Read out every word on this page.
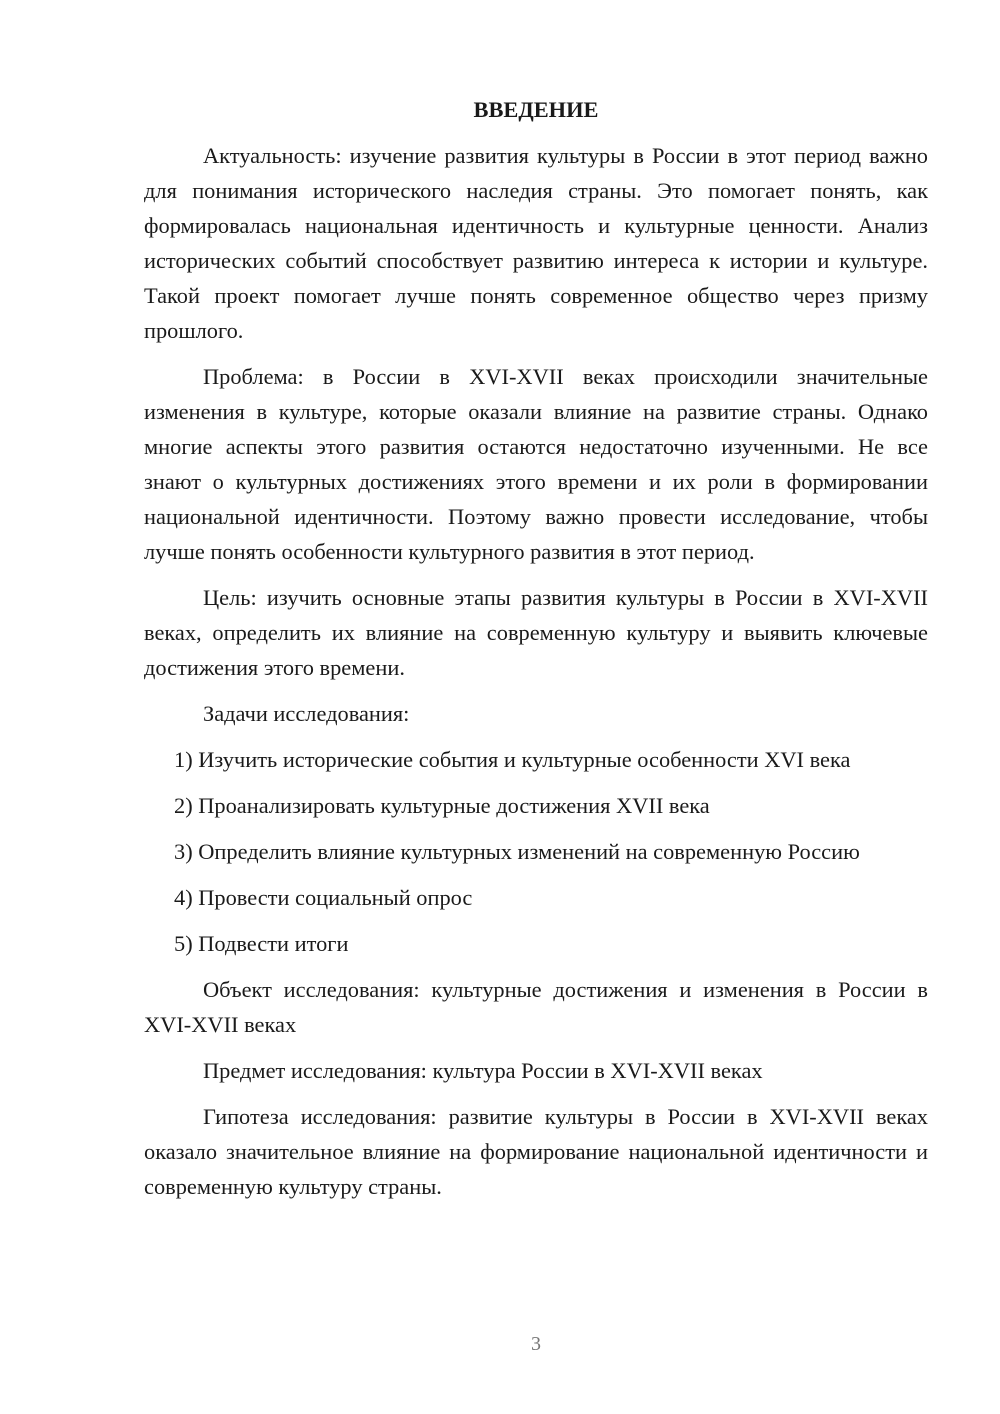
ВВЕДЕНИЕ

Актуальность: изучение развития культуры в России в этот период важно для понимания исторического наследия страны. Это помогает понять, как формировалась национальная идентичность и культурные ценности. Анализ исторических событий способствует развитию интереса к истории и культуре. Такой проект помогает лучше понять современное общество через призму прошлого.

Проблема: в России в XVI-XVII веках происходили значительные изменения в культуре, которые оказали влияние на развитие страны. Однако многие аспекты этого развития остаются недостаточно изученными. Не все знают о культурных достижениях этого времени и их роли в формировании национальной идентичности. Поэтому важно провести исследование, чтобы лучше понять особенности культурного развития в этот период.

Цель: изучить основные этапы развития культуры в России в XVI-XVII веках, определить их влияние на современную культуру и выявить ключевые достижения этого времени.

Задачи исследования:

1) Изучить исторические события и культурные особенности XVI века

2) Проанализировать культурные достижения XVII века

3) Определить влияние культурных изменений на современную Россию

4) Провести социальный опрос

5) Подвести итоги

Объект исследования: культурные достижения и изменения в России в XVI-XVII веках

Предмет исследования: культура России в XVI-XVII веках

Гипотеза исследования: развитие культуры в России в XVI-XVII веках оказало значительное влияние на формирование национальной идентичности и современную культуру страны.

3
